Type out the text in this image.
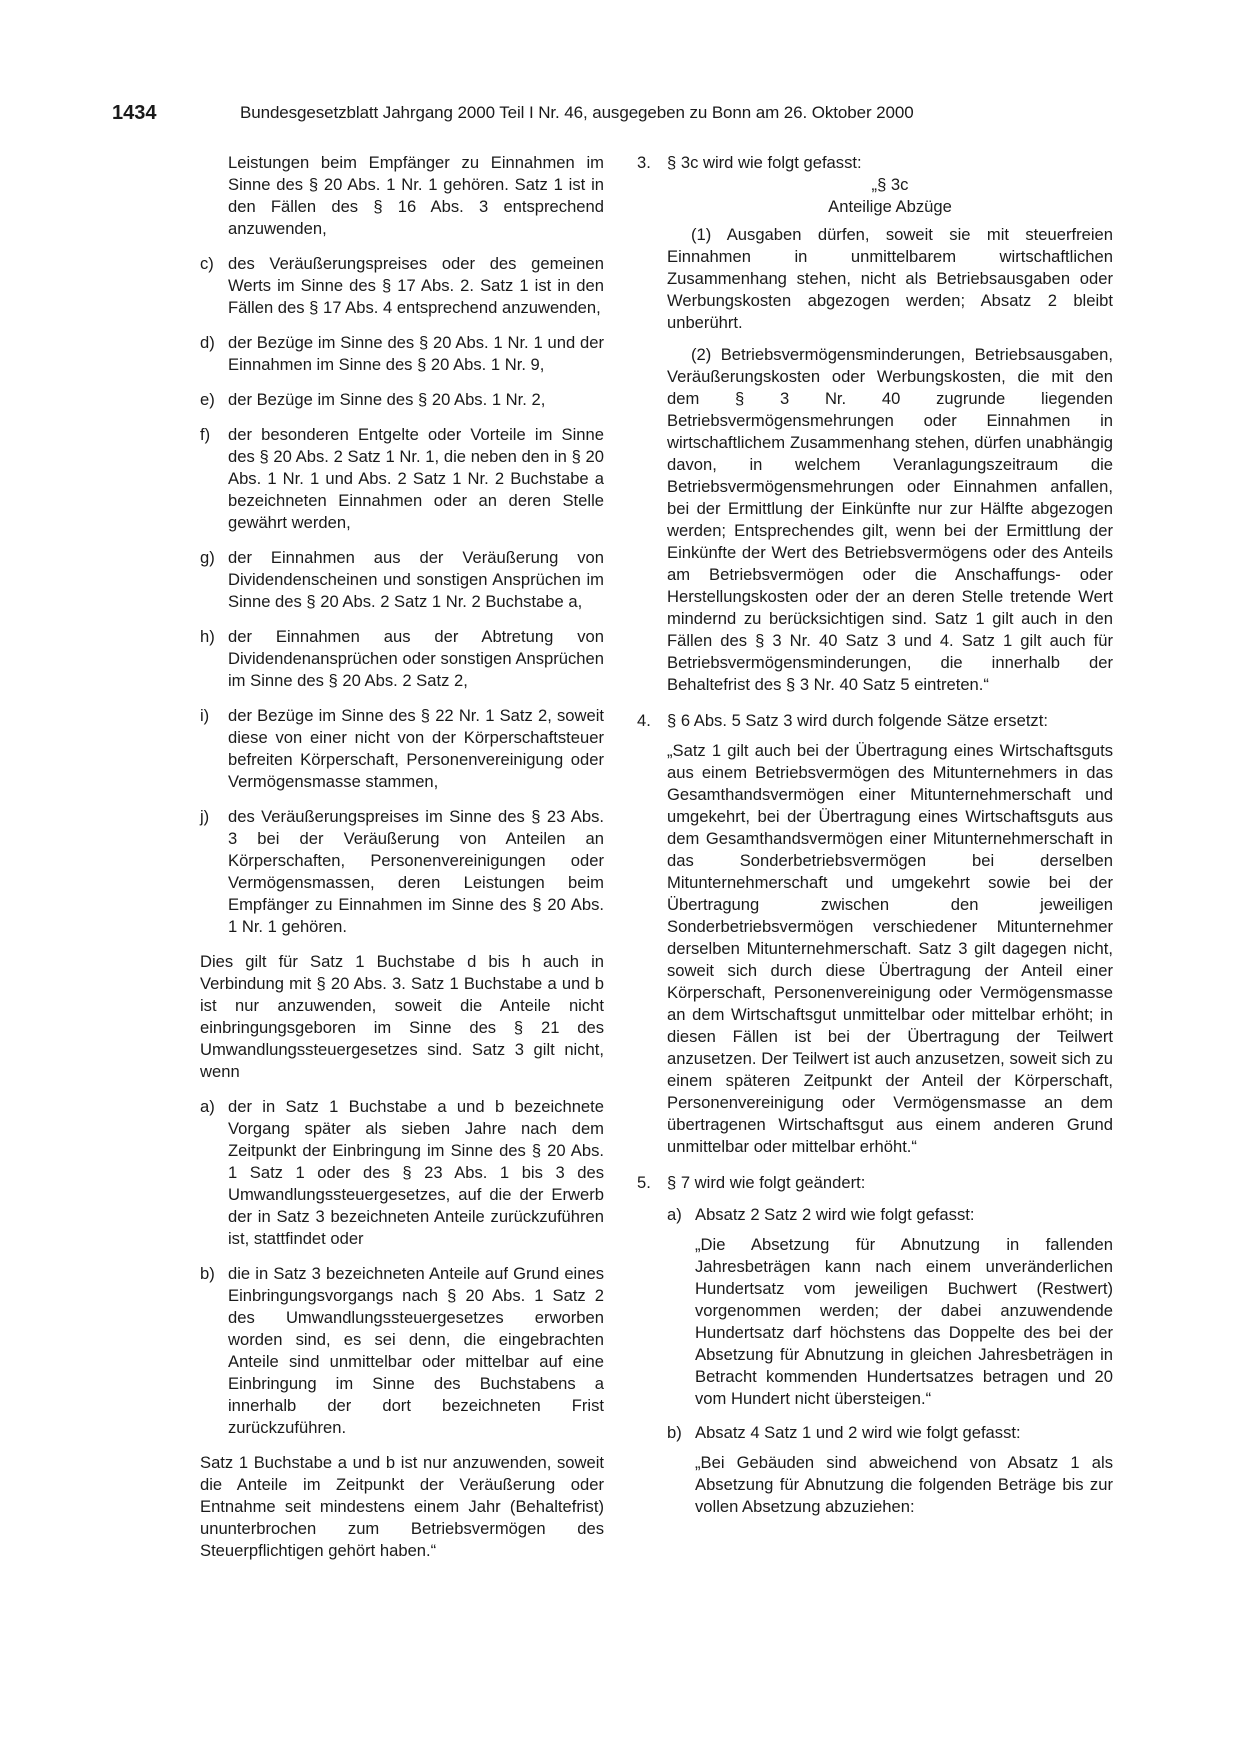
1434	Bundesgesetzblatt Jahrgang 2000 Teil I Nr. 46, ausgegeben zu Bonn am 26. Oktober 2000

Leistungen beim Empfänger zu Einnahmen im Sinne des § 20 Abs. 1 Nr. 1 gehören. Satz 1 ist in den Fällen des § 16 Abs. 3 entsprechend anzuwenden,

c) des Veräußerungspreises oder des gemeinen Werts im Sinne des § 17 Abs. 2. Satz 1 ist in den Fällen des § 17 Abs. 4 entsprechend anzuwenden,
d) der Bezüge im Sinne des § 20 Abs. 1 Nr. 1 und der Einnahmen im Sinne des § 20 Abs. 1 Nr. 9,
e) der Bezüge im Sinne des § 20 Abs. 1 Nr. 2,
f) der besonderen Entgelte oder Vorteile im Sinne des § 20 Abs. 2 Satz 1 Nr. 1, die neben den in § 20 Abs. 1 Nr. 1 und Abs. 2 Satz 1 Nr. 2 Buchstabe a bezeichneten Einnahmen oder an deren Stelle gewährt werden,
g) der Einnahmen aus der Veräußerung von Dividendenscheinen und sonstigen Ansprüchen im Sinne des § 20 Abs. 2 Satz 1 Nr. 2 Buchstabe a,
h) der Einnahmen aus der Abtretung von Dividendenansprüchen oder sonstigen Ansprüchen im Sinne des § 20 Abs. 2 Satz 2,
i) der Bezüge im Sinne des § 22 Nr. 1 Satz 2, soweit diese von einer nicht von der Körperschaftsteuer befreiten Körperschaft, Personenvereinigung oder Vermögensmasse stammen,
j) des Veräußerungspreises im Sinne des § 23 Abs. 3 bei der Veräußerung von Anteilen an Körperschaften, Personenvereinigungen oder Vermögensmassen, deren Leistungen beim Empfänger zu Einnahmen im Sinne des § 20 Abs. 1 Nr. 1 gehören.

Dies gilt für Satz 1 Buchstabe d bis h auch in Verbindung mit § 20 Abs. 3. Satz 1 Buchstabe a und b ist nur anzuwenden, soweit die Anteile nicht einbringungsgeboren im Sinne des § 21 des Umwandlungssteuergesetzes sind. Satz 3 gilt nicht, wenn

a) der in Satz 1 Buchstabe a und b bezeichnete Vorgang später als sieben Jahre nach dem Zeitpunkt der Einbringung im Sinne des § 20 Abs. 1 Satz 1 oder des § 23 Abs. 1 bis 3 des Umwandlungssteuergesetzes, auf die der Erwerb der in Satz 3 bezeichneten Anteile zurückzuführen ist, stattfindet oder
b) die in Satz 3 bezeichneten Anteile auf Grund eines Einbringungsvorgangs nach § 20 Abs. 1 Satz 2 des Umwandlungssteuergesetzes erworben worden sind, es sei denn, die eingebrachten Anteile sind unmittelbar oder mittelbar auf eine Einbringung im Sinne des Buchstabens a innerhalb der dort bezeichneten Frist zurückzuführen.

Satz 1 Buchstabe a und b ist nur anzuwenden, soweit die Anteile im Zeitpunkt der Veräußerung oder Entnahme seit mindestens einem Jahr (Behaltefrist) ununterbrochen zum Betriebsvermögen des Steuerpflichtigen gehört haben.“

3. § 3c wird wie folgt gefasst:

„§ 3c

Anteilige Abzüge

(1) Ausgaben dürfen, soweit sie mit steuerfreien Einnahmen in unmittelbarem wirtschaftlichen Zusammenhang stehen, nicht als Betriebsausgaben oder Werbungskosten abgezogen werden; Absatz 2 bleibt unberührt.

(2) Betriebsvermögensminderungen, Betriebsausgaben, Veräußerungskosten oder Werbungskosten, die mit den dem § 3 Nr. 40 zugrunde liegenden Betriebsvermögensmehrungen oder Einnahmen in wirtschaftlichem Zusammenhang stehen, dürfen unabhängig davon, in welchem Veranlagungszeitraum die Betriebsvermögensmehrungen oder Einnahmen anfallen, bei der Ermittlung der Einkünfte nur zur Hälfte abgezogen werden; Entsprechendes gilt, wenn bei der Ermittlung der Einkünfte der Wert des Betriebsvermögens oder des Anteils am Betriebsvermögen oder die Anschaffungs- oder Herstellungskosten oder der an deren Stelle tretende Wert mindernd zu berücksichtigen sind. Satz 1 gilt auch in den Fällen des § 3 Nr. 40 Satz 3 und 4. Satz 1 gilt auch für Betriebsvermögensminderungen, die innerhalb der Behaltefrist des § 3 Nr. 40 Satz 5 eintreten.“

4. § 6 Abs. 5 Satz 3 wird durch folgende Sätze ersetzt:

„Satz 1 gilt auch bei der Übertragung eines Wirtschaftsguts aus einem Betriebsvermögen des Mitunternehmers in das Gesamthandsvermögen einer Mitunternehmerschaft und umgekehrt, bei der Übertragung eines Wirtschaftsguts aus dem Gesamthandsvermögen einer Mitunternehmerschaft in das Sonderbetriebsvermögen bei derselben Mitunternehmerschaft und umgekehrt sowie bei der Übertragung zwischen den jeweiligen Sonderbetriebsvermögen verschiedener Mitunternehmer derselben Mitunternehmerschaft. Satz 3 gilt dagegen nicht, soweit sich durch diese Übertragung der Anteil einer Körperschaft, Personenvereinigung oder Vermögensmasse an dem Wirtschaftsgut unmittelbar oder mittelbar erhöht; in diesen Fällen ist bei der Übertragung der Teilwert anzusetzen. Der Teilwert ist auch anzusetzen, soweit sich zu einem späteren Zeitpunkt der Anteil der Körperschaft, Personenvereinigung oder Vermögensmasse an dem übertragenen Wirtschaftsgut aus einem anderen Grund unmittelbar oder mittelbar erhöht.“

5. § 7 wird wie folgt geändert:

a) Absatz 2 Satz 2 wird wie folgt gefasst:

„Die Absetzung für Abnutzung in fallenden Jahresbeträgen kann nach einem unveränderlichen Hundertsatz vom jeweiligen Buchwert (Restwert) vorgenommen werden; der dabei anzuwendende Hundertsatz darf höchstens das Doppelte des bei der Absetzung für Abnutzung in gleichen Jahresbeträgen in Betracht kommenden Hundertsatzes betragen und 20 vom Hundert nicht übersteigen.“

b) Absatz 4 Satz 1 und 2 wird wie folgt gefasst:

„Bei Gebäuden sind abweichend von Absatz 1 als Absetzung für Abnutzung die folgenden Beträge bis zur vollen Absetzung abzuziehen:
